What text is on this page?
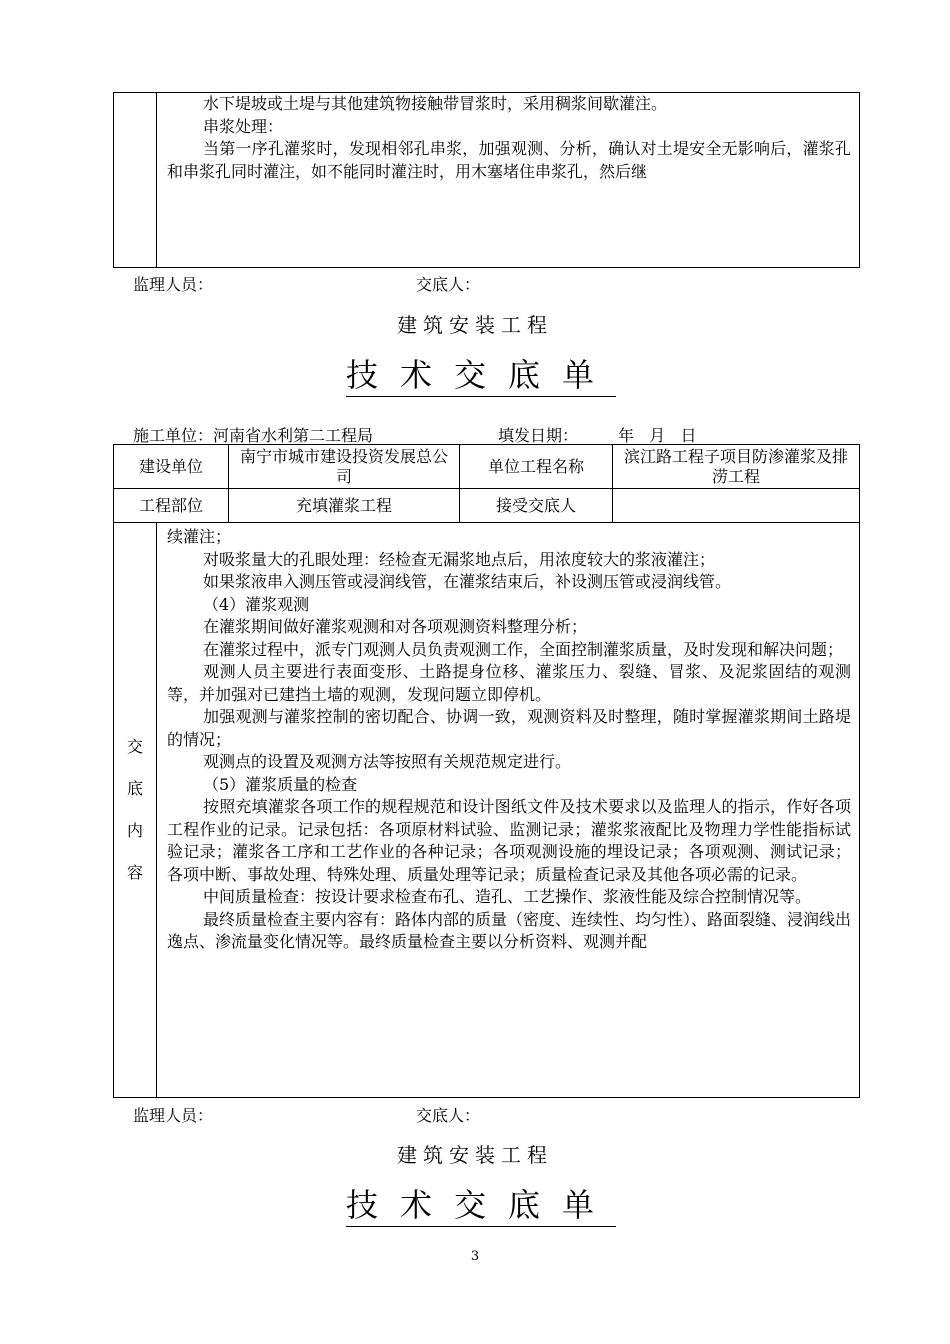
水下堤坡或土堤与其他建筑物接触带冒浆时，采用稠浆间歇灌注。
串浆处理：
当第一序孔灌浆时，发现相邻孔串浆，加强观测、分析，确认对土堤安全无影响后，灌浆孔和串浆孔同时灌注，如不能同时灌注时，用木塞堵住串浆孔，然后继
监理人员：	交底人：
建筑安装工程
技术交底单
施工单位：河南省水利第二工程局	填发日期： 年   月   日
建设单位	南宁市城市建设投资发展总公司	单位工程名称	滨江路工程子项目防渗灌浆及排涝工程
工程部位	充填灌浆工程	接受交底人	
交
底
内
容

续灌注；
对吸浆量大的孔眼处理：经检查无漏浆地点后，用浓度较大的浆液灌注；
如果浆液串入测压管或浸润线管，在灌浆结束后，补设测压管或浸润线管。
（4）灌浆观测
在灌浆期间做好灌浆观测和对各项观测资料整理分析；
在灌浆过程中，派专门观测人员负责观测工作，全面控制灌浆质量，及时发现和解决问题；
观测人员主要进行表面变形、土路提身位移、灌浆压力、裂缝、冒浆、及泥浆固结的观测等，并加强对已建挡土墙的观测，发现问题立即停机。
加强观测与灌浆控制的密切配合、协调一致，观测资料及时整理，随时掌握灌浆期间土路堤的情况；
观测点的设置及观测方法等按照有关规范规定进行。
（5）灌浆质量的检查
按照充填灌浆各项工作的规程规范和设计图纸文件及技术要求以及监理人的指示，作好各项工程作业的记录。记录包括：各项原材料试验、监测记录；灌浆浆液配比及物理力学性能指标试验记录；灌浆各工序和工艺作业的各种记录；各项观测设施的埋设记录；各项观测、测试记录；各项中断、事故处理、特殊处理、质量处理等记录；质量检查记录及其他各项必需的记录。
中间质量检查：按设计要求检查布孔、造孔、工艺操作、浆液性能及综合控制情况等。
最终质量检查主要内容有：路体内部的质量（密度、连续性、均匀性）、路面裂缝、浸润线出逸点、渗流量变化情况等。最终质量检查主要以分析资料、观测并配
监理人员：	交底人：
建筑安装工程
技术交底单
3
